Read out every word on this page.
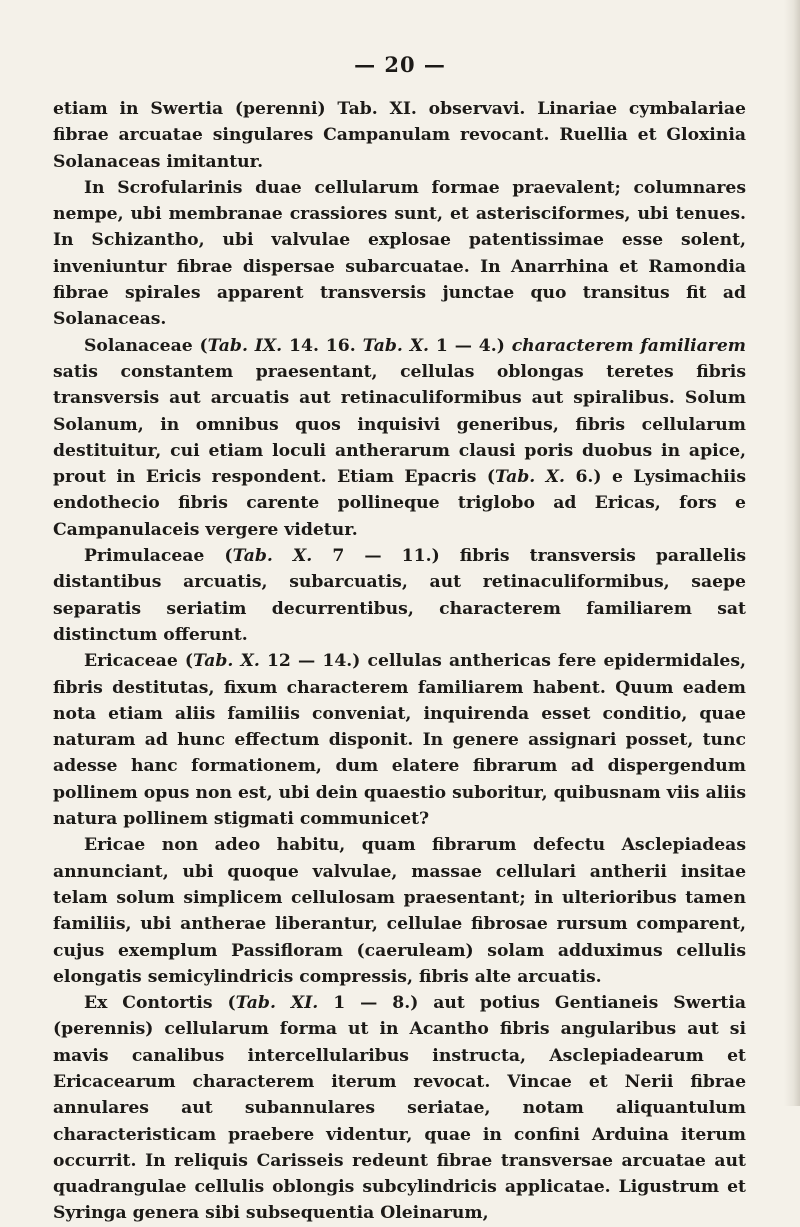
— 20 —

etiam in Swertia (perenni) Tab. XI. observavi. Linariae cymbalariae fibrae arcuatae singulares Campanulam revocant. Ruellia et Gloxinia Solanaceas imitantur.

In Scrofularinis duae cellularum formae praevalent; columnares nempe, ubi membranae crassiores sunt, et asterisciformes, ubi tenues. In Schizantho, ubi valvulae explosae patentissimae esse solent, inveniuntur fibrae dispersae subarcuatae. In Anarrhina et Ramondia fibrae spirales apparent transversis junctae quo transitus fit ad Solanaceas.

Solanaceae (Tab. IX. 14. 16. Tab. X. 1 — 4.) characterem familiarem satis constantem praesentant, cellulas oblongas teretes fibris transversis aut arcuatis aut retinaculiformibus aut spiralibus. Solum Solanum, in omnibus quos inquisivi generibus, fibris cellularum destituitur, cui etiam loculi antherarum clausi poris duobus in apice, prout in Ericis respondent. Etiam Epacris (Tab. X. 6.) e Lysimachiis endothecio fibris carente pollineque triglobo ad Ericas, fors e Campanulaceis vergere videtur.

Primulaceae (Tab. X. 7 — 11.) fibris transversis parallelis distantibus arcuatis, subarcuatis, aut retinaculiformibus, saepe separatis seriatim decurrentibus, characterem familiarem sat distinctum offerunt.

Ericaceae (Tab. X. 12 — 14.) cellulas anthericas fere epidermidales, fibris destitutas, fixum characterem familiarem habent. Quum eadem nota etiam aliis familiis conveniat, inquirenda esset conditio, quae naturam ad hunc effectum disponit. In genere assignari posset, tunc adesse hanc formationem, dum elatere fibrarum ad dispergendum pollinem opus non est, ubi dein quaestio suboritur, quibusnam viis aliis natura pollinem stigmati communicet?

Ericae non adeo habitu, quam fibrarum defectu Asclepiadeas annunciant, ubi quoque valvulae, massae cellulari antherii insitae telam solum simplicem cellulosam praesentant; in ulterioribus tamen familiis, ubi antherae liberantur, cellulae fibrosae rursum comparent, cujus exemplum Passifloram (caeruleam) solam adduximus cellulis elongatis semicylindricis compressis, fibris alte arcuatis.

Ex Contortis (Tab. XI. 1 — 8.) aut potius Gentianeis Swertia (perennis) cellularum forma ut in Acantho fibris angularibus aut si mavis canalibus intercellularibus instructa, Asclepiadearum et Ericacearum characterem iterum revocat. Vincae et Nerii fibrae annulares aut subannulares seriatae, notam aliquantulum characteristicam praebere videntur, quae in confini Arduina iterum occurrit. In reliquis Carisseis redeunt fibrae transversae arcuatae aut quadrangulae cellulis oblongis subcylindricis applicatae. Ligustrum et Syringa genera sibi subsequentia Oleinarum,
